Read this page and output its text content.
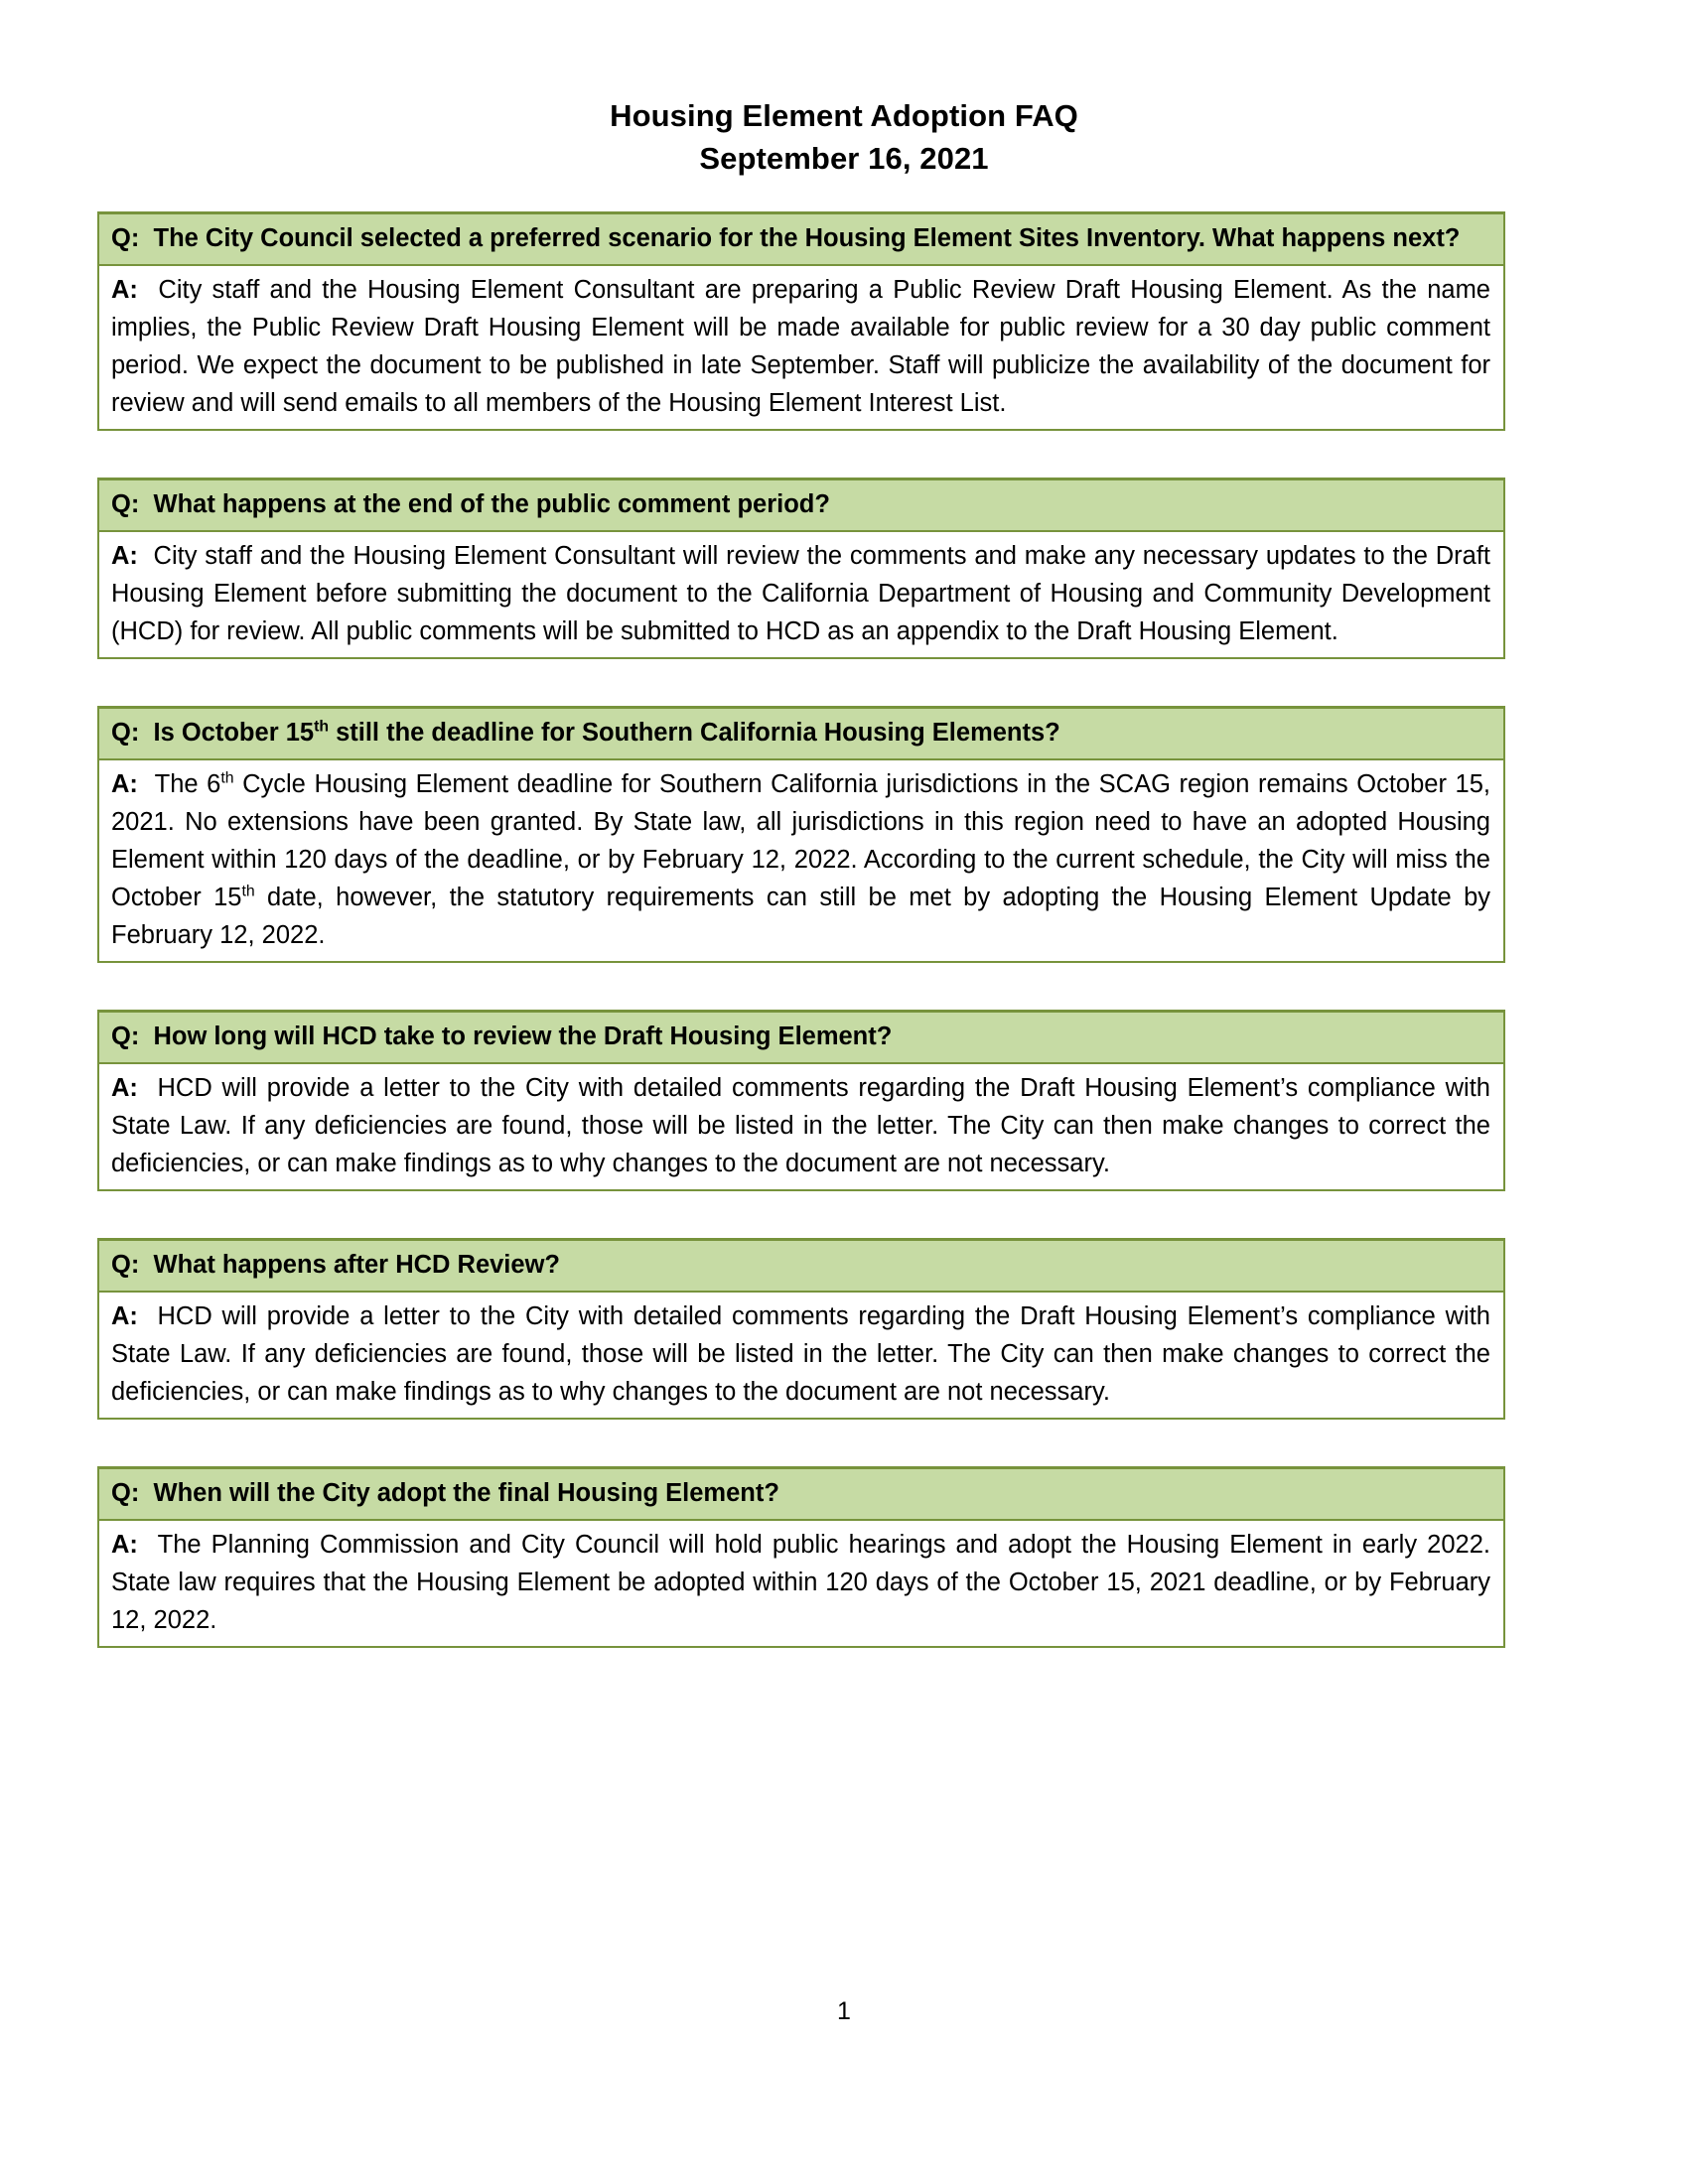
Housing Element Adoption FAQ
September 16, 2021
Q:  The City Council selected a preferred scenario for the Housing Element Sites Inventory. What happens next?
A:  City staff and the Housing Element Consultant are preparing a Public Review Draft Housing Element. As the name implies, the Public Review Draft Housing Element will be made available for public review for a 30 day public comment period. We expect the document to be published in late September. Staff will publicize the availability of the document for review and will send emails to all members of the Housing Element Interest List.
Q:  What happens at the end of the public comment period?
A:  City staff and the Housing Element Consultant will review the comments and make any necessary updates to the Draft Housing Element before submitting the document to the California Department of Housing and Community Development (HCD) for review. All public comments will be submitted to HCD as an appendix to the Draft Housing Element.
Q:  Is October 15th still the deadline for Southern California Housing Elements?
A:  The 6th Cycle Housing Element deadline for Southern California jurisdictions in the SCAG region remains October 15, 2021. No extensions have been granted. By State law, all jurisdictions in this region need to have an adopted Housing Element within 120 days of the deadline, or by February 12, 2022. According to the current schedule, the City will miss the October 15th date, however, the statutory requirements can still be met by adopting the Housing Element Update by February 12, 2022.
Q:  How long will HCD take to review the Draft Housing Element?
A:  HCD will provide a letter to the City with detailed comments regarding the Draft Housing Element’s compliance with State Law. If any deficiencies are found, those will be listed in the letter. The City can then make changes to correct the deficiencies, or can make findings as to why changes to the document are not necessary.
Q:  What happens after HCD Review?
A:  HCD will provide a letter to the City with detailed comments regarding the Draft Housing Element’s compliance with State Law. If any deficiencies are found, those will be listed in the letter. The City can then make changes to correct the deficiencies, or can make findings as to why changes to the document are not necessary.
Q:  When will the City adopt the final Housing Element?
A:  The Planning Commission and City Council will hold public hearings and adopt the Housing Element in early 2022. State law requires that the Housing Element be adopted within 120 days of the October 15, 2021 deadline, or by February 12, 2022.
1
